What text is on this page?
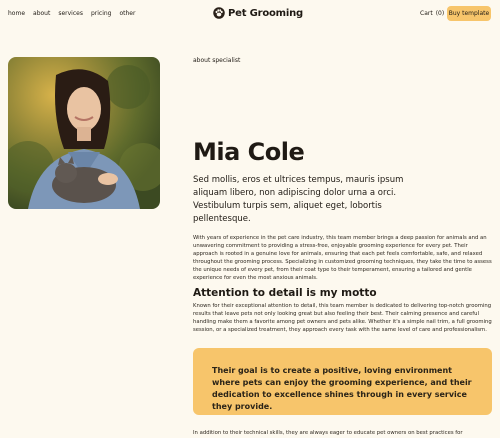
home about services pricing other	Pet Grooming	Cart (0) Buy template
about specialist
Mia Cole
Sed mollis, eros et ultrices tempus, mauris ipsum aliquam libero, non adipiscing dolor urna a orci. Vestibulum turpis sem, aliquet eget, lobortis pellentesque.
With years of experience in the pet care industry, this team member brings a deep passion for animals and an unwavering commitment to providing a stress-free, enjoyable grooming experience for every pet. Their approach is rooted in a genuine love for animals, ensuring that each pet feels comfortable, safe, and relaxed throughout the grooming process. Specializing in customized grooming techniques, they take the time to assess the unique needs of every pet, from their coat type to their temperament, ensuring a tailored and gentle experience for even the most anxious animals.
Attention to detail is my motto
Known for their exceptional attention to detail, this team member is dedicated to delivering top-notch grooming results that leave pets not only looking great but also feeling their best. Their calming presence and careful handling make them a favorite among pet owners and pets alike. Whether it's a simple nail trim, a full grooming session, or a specialized treatment, they approach every task with the same level of care and professionalism.
Their goal is to create a positive, loving environment where pets can enjoy the grooming experience, and their dedication to excellence shines through in every service they provide.
In addition to their technical skills, they are always eager to educate pet owners on best practices for
